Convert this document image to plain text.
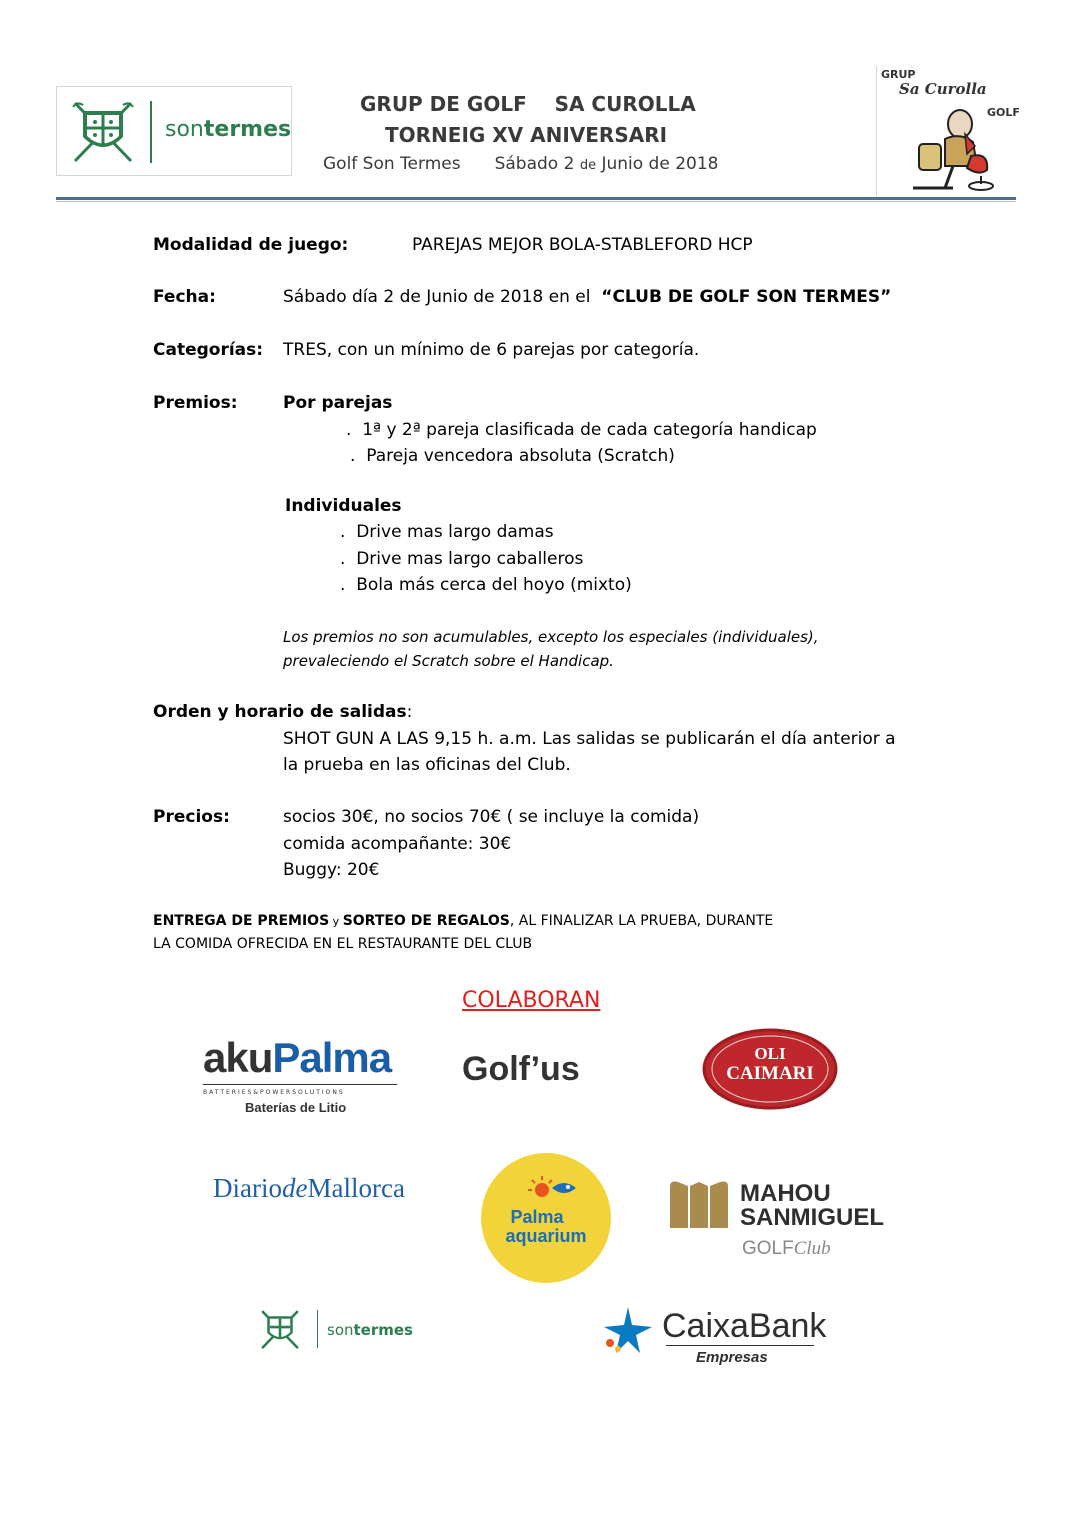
sontermes
GRUP DE GOLF    SA CUROLLA
TORNEIG XV ANIVERSARI
Golf Son Termes Sábado 2 de Junio de 2018
GRUP
Sa Curolla
GOLF
Modalidad de juego:	PAREJAS MEJOR BOLA-STABLEFORD HCP
Fecha:	Sábado día 2 de Junio de 2018 en el  “CLUB DE GOLF SON TERMES”
Categorías: TRES, con un mínimo de 6 parejas por categoría.
Premios:	Por parejas
.  1ª y 2ª pareja clasificada de cada categoría handicap
.  Pareja vencedora absoluta (Scratch)
Individuales
.  Drive mas largo damas
.  Drive mas largo caballeros
.  Bola más cerca del hoyo (mixto)
Los premios no son acumulables, excepto los especiales (individuales),
prevaleciendo el Scratch sobre el Handicap.
Orden y horario de salidas:
SHOT GUN A LAS 9,15 h. a.m. Las salidas se publicarán el día anterior a
la prueba en las oficinas del Club.
Precios:	socios 30€, no socios 70€ ( se incluye la comida)
comida acompañante: 30€
Buggy: 20€
ENTREGA DE PREMIOS y SORTEO DE REGALOS, AL FINALIZAR LA PRUEBA, DURANTE
LA COMIDA OFRECIDA EN EL RESTAURANTE DEL CLUB
COLABORAN
akuPalma
BATTERIES&POWERSOLUTIONS
Baterías de Litio
Golf’us	OLI
CAIMARI
DiariodeMallorca
Palma
aquarium
MAHOU
SANMIGUEL
GOLFClub
sontermes	CaixaBank
Empresas
